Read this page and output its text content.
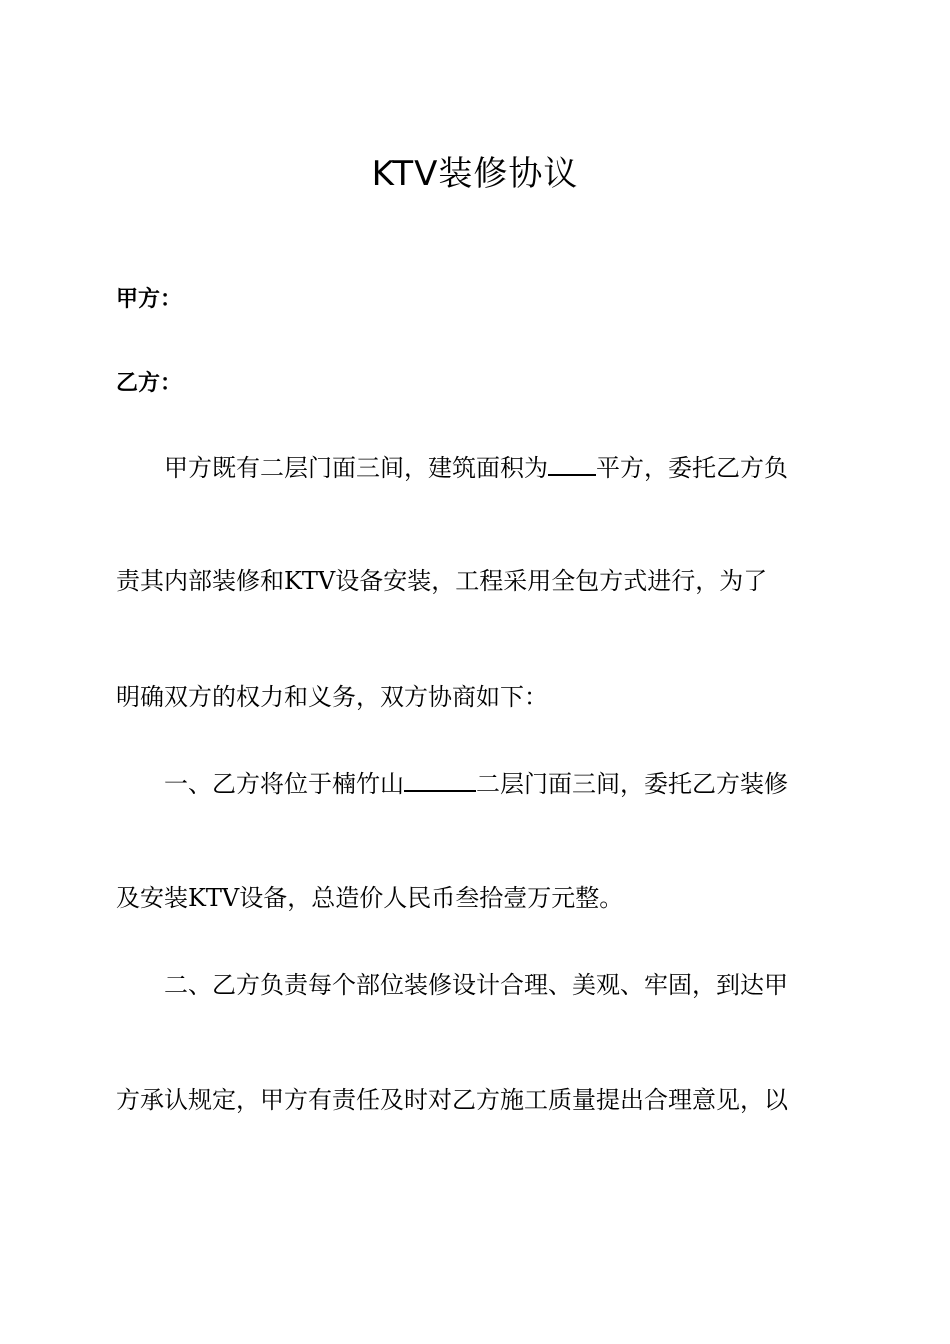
KTV装修协议
甲方：
乙方：
甲方既有二层门面三间，建筑面积为 平方，委托乙方负
责其内部装修和KTV设备安装，工程采用全包方式进行，为了
明确双方的权力和义务，双方协商如下：
一、乙方将位于楠竹山	二层门面三间，委托乙方装修
及安装KTV设备，总造价人民币叁拾壹万元整。
二、乙方负责每个部位装修设计合理、美观、牢固，到达甲
方承认规定，甲方有责任及时对乙方施工质量提出合理意见，以
